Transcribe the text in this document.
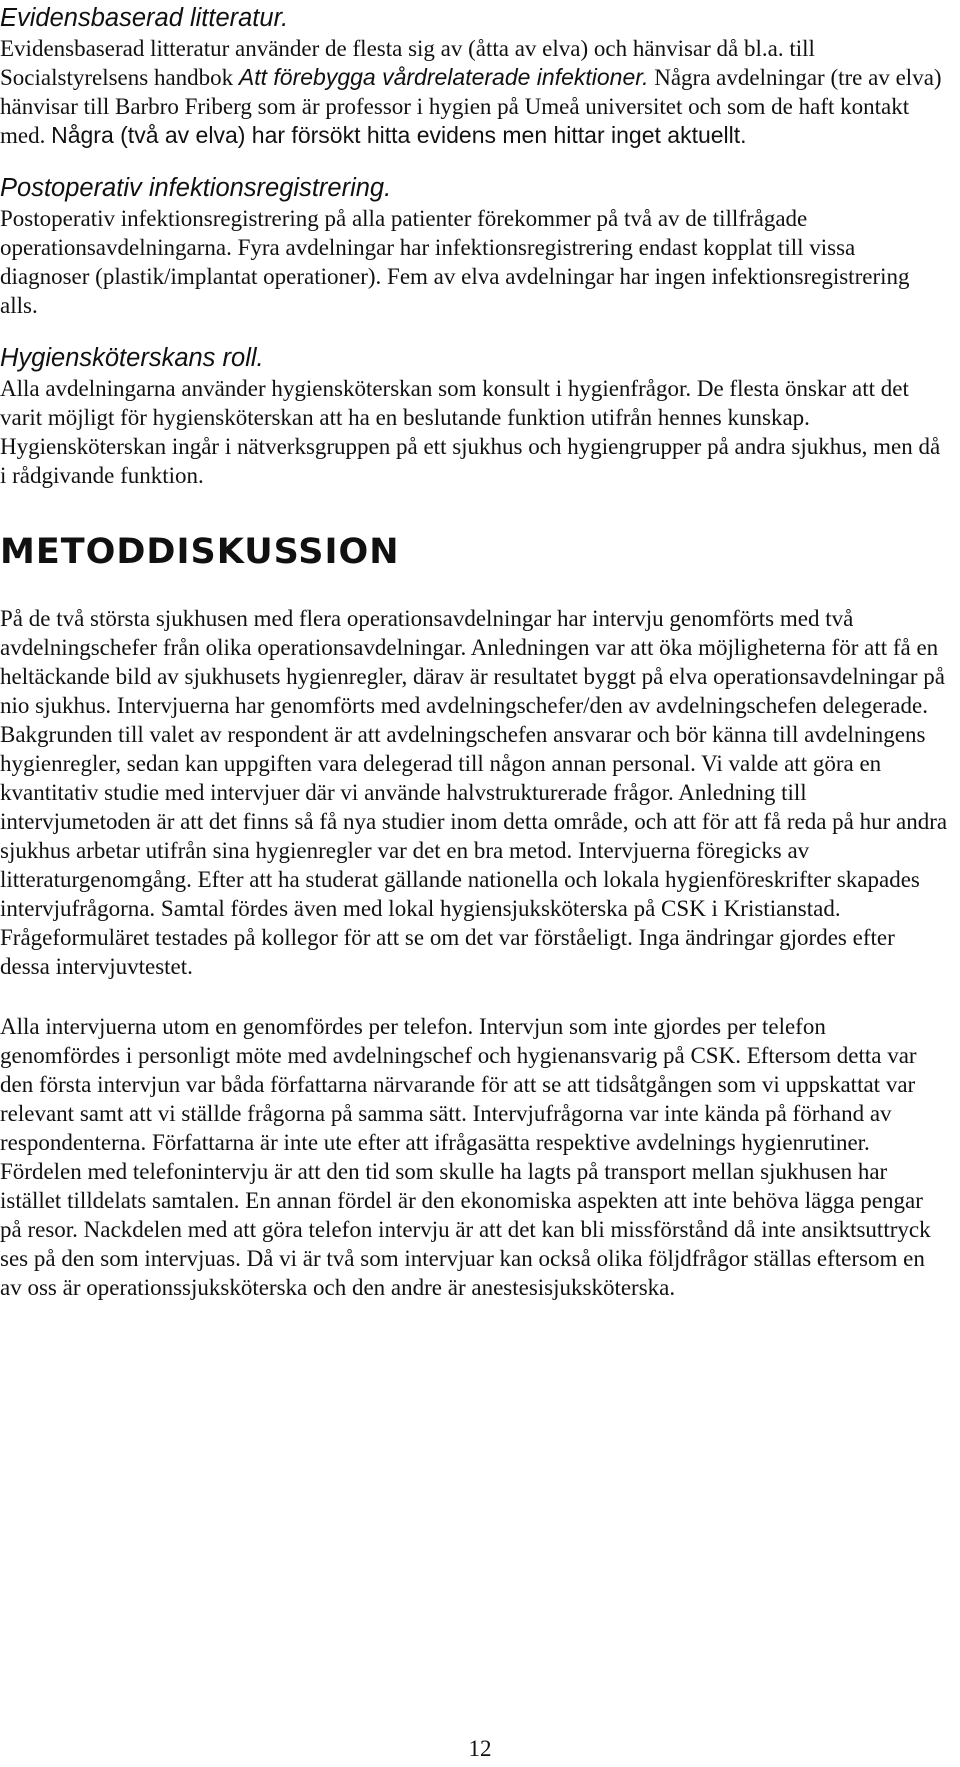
Evidensbaserad litteratur.

Evidensbaserad litteratur använder de flesta sig av (åtta av elva) och hänvisar då bl.a. till Socialstyrelsens handbok Att förebygga vårdrelaterade infektioner. Några avdelningar (tre av elva) hänvisar till Barbro Friberg som är professor i hygien på Umeå universitet och som de haft kontakt med. Några (två av elva) har försökt hitta evidens men hittar inget aktuellt.

Postoperativ infektionsregistrering.

Postoperativ infektionsregistrering på alla patienter förekommer på två av de tillfrågade operationsavdelningarna. Fyra avdelningar har infektionsregistrering endast kopplat till vissa diagnoser (plastik/implantat operationer). Fem av elva avdelningar har ingen infektionsregistrering alls.

Hygiensköterskans roll.

Alla avdelningarna använder hygiensköterskan som konsult i hygienfrågor. De flesta önskar att det varit möjligt för hygiensköterskan att ha en beslutande funktion utifrån hennes kunskap. Hygiensköterskan ingår i nätverksgruppen på ett sjukhus och hygiengrupper på andra sjukhus, men då i rådgivande funktion.

METODDISKUSSION

På de två största sjukhusen med flera operationsavdelningar har intervju genomförts med två avdelningschefer från olika operationsavdelningar. Anledningen var att öka möjligheterna för att få en heltäckande bild av sjukhusets hygienregler, därav är resultatet byggt på elva operationsavdelningar på nio sjukhus. Intervjuerna har genomförts med avdelningschefer/den av avdelningschefen delegerade. Bakgrunden till valet av respondent är att avdelningschefen ansvarar och bör känna till avdelningens hygienregler, sedan kan uppgiften vara delegerad till någon annan personal. Vi valde att göra en kvantitativ studie med intervjuer där vi använde halvstrukturerade frågor. Anledning till intervjumetoden är att det finns så få nya studier inom detta område, och att för att få reda på hur andra sjukhus arbetar utifrån sina hygienregler var det en bra metod. Intervjuerna föregicks av litteraturgenomgång. Efter att ha studerat gällande nationella och lokala hygienföreskrifter skapades intervjufrågorna. Samtal fördes även med lokal hygiensjuksköterska på CSK i Kristianstad. Frågeformuläret testades på kollegor för att se om det var förståeligt. Inga ändringar gjordes efter dessa intervjuvtestet.

Alla intervjuerna utom en genomfördes per telefon. Intervjun som inte gjordes per telefon genomfördes i personligt möte med avdelningschef och hygienansvarig på CSK. Eftersom detta var den första intervjun var båda författarna närvarande för att se att tidsåtgången som vi uppskattat var relevant samt att vi ställde frågorna på samma sätt. Intervjufrågorna var inte kända på förhand av respondenterna. Författarna är inte ute efter att ifrågasätta respektive avdelnings hygienrutiner. Fördelen med telefonintervju är att den tid som skulle ha lagts på transport mellan sjukhusen har istället tilldelats samtalen. En annan fördel är den ekonomiska aspekten att inte behöva lägga pengar på resor. Nackdelen med att göra telefon intervju är att det kan bli missförstånd då inte ansiktsuttryck ses på den som intervjuas. Då vi är två som intervjuar kan också olika följdfrågor ställas eftersom en av oss är operationssjuksköterska och den andre är anestesisjuksköterska.

12
